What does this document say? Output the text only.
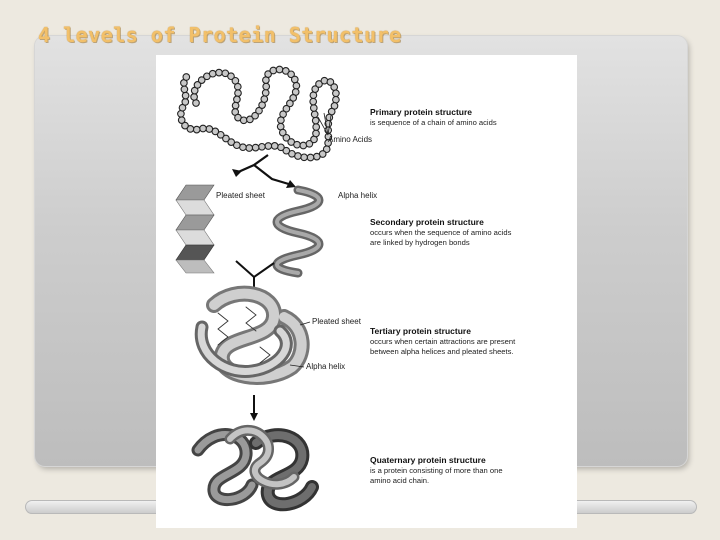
4 levels of Protein Structure
Primary protein structure
is sequence of a chain of amino acids
Amino Acids
Pleated sheet	Alpha helix
Secondary protein structure
occurs when the sequence of amino acids
are linked by hydrogen bonds
Pleated sheet
Tertiary protein structure
occurs when certain attractions are present
between alpha helices and pleated sheets.
Alpha helix
Quaternary protein structure
is a protein consisting of more than one
amino acid chain.
